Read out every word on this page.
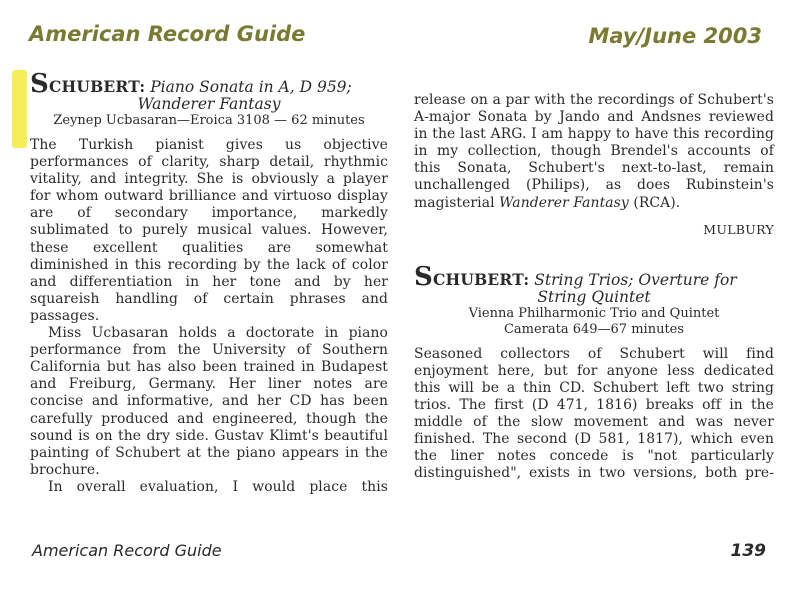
American Record Guide	May/June 2003
SCHUBERT: Piano Sonata in A, D 959;
Wanderer Fantasy
Zeynep Ucbasaran—Eroica 3108 — 62 minutes

The Turkish pianist gives us objective performances of clarity, sharp detail, rhythmic vitality, and integrity. She is obviously a player for whom outward brilliance and virtuoso display are of secondary importance, markedly sublimated to purely musical values. However, these excellent qualities are somewhat diminished in this recording by the lack of color and differentiation in her tone and by her squareish handling of certain phrases and passages.

Miss Ucbasaran holds a doctorate in piano performance from the University of Southern California but has also been trained in Budapest and Freiburg, Germany. Her liner notes are concise and informative, and her CD has been carefully produced and engineered, though the sound is on the dry side. Gustav Klimt's beautiful painting of Schubert at the piano appears in the brochure.

In overall evaluation, I would place this

release on a par with the recordings of Schubert's A-major Sonata by Jando and Andsnes reviewed in the last ARG. I am happy to have this recording in my collection, though Brendel's accounts of this Sonata, Schubert's next-to-last, remain unchallenged (Philips), as does Rubinstein's magisterial Wanderer Fantasy (RCA).

MULBURY
SCHUBERT: String Trios; Overture for
String Quintet
Vienna Philharmonic Trio and Quintet
Camerata 649—67 minutes

Seasoned collectors of Schubert will find enjoyment here, but for anyone less dedicated this will be a thin CD. Schubert left two string trios. The first (D 471, 1816) breaks off in the middle of the slow movement and was never finished. The second (D 581, 1817), which even the liner notes concede is "not particularly distinguished", exists in two versions, both pre-

American Record Guide	139
